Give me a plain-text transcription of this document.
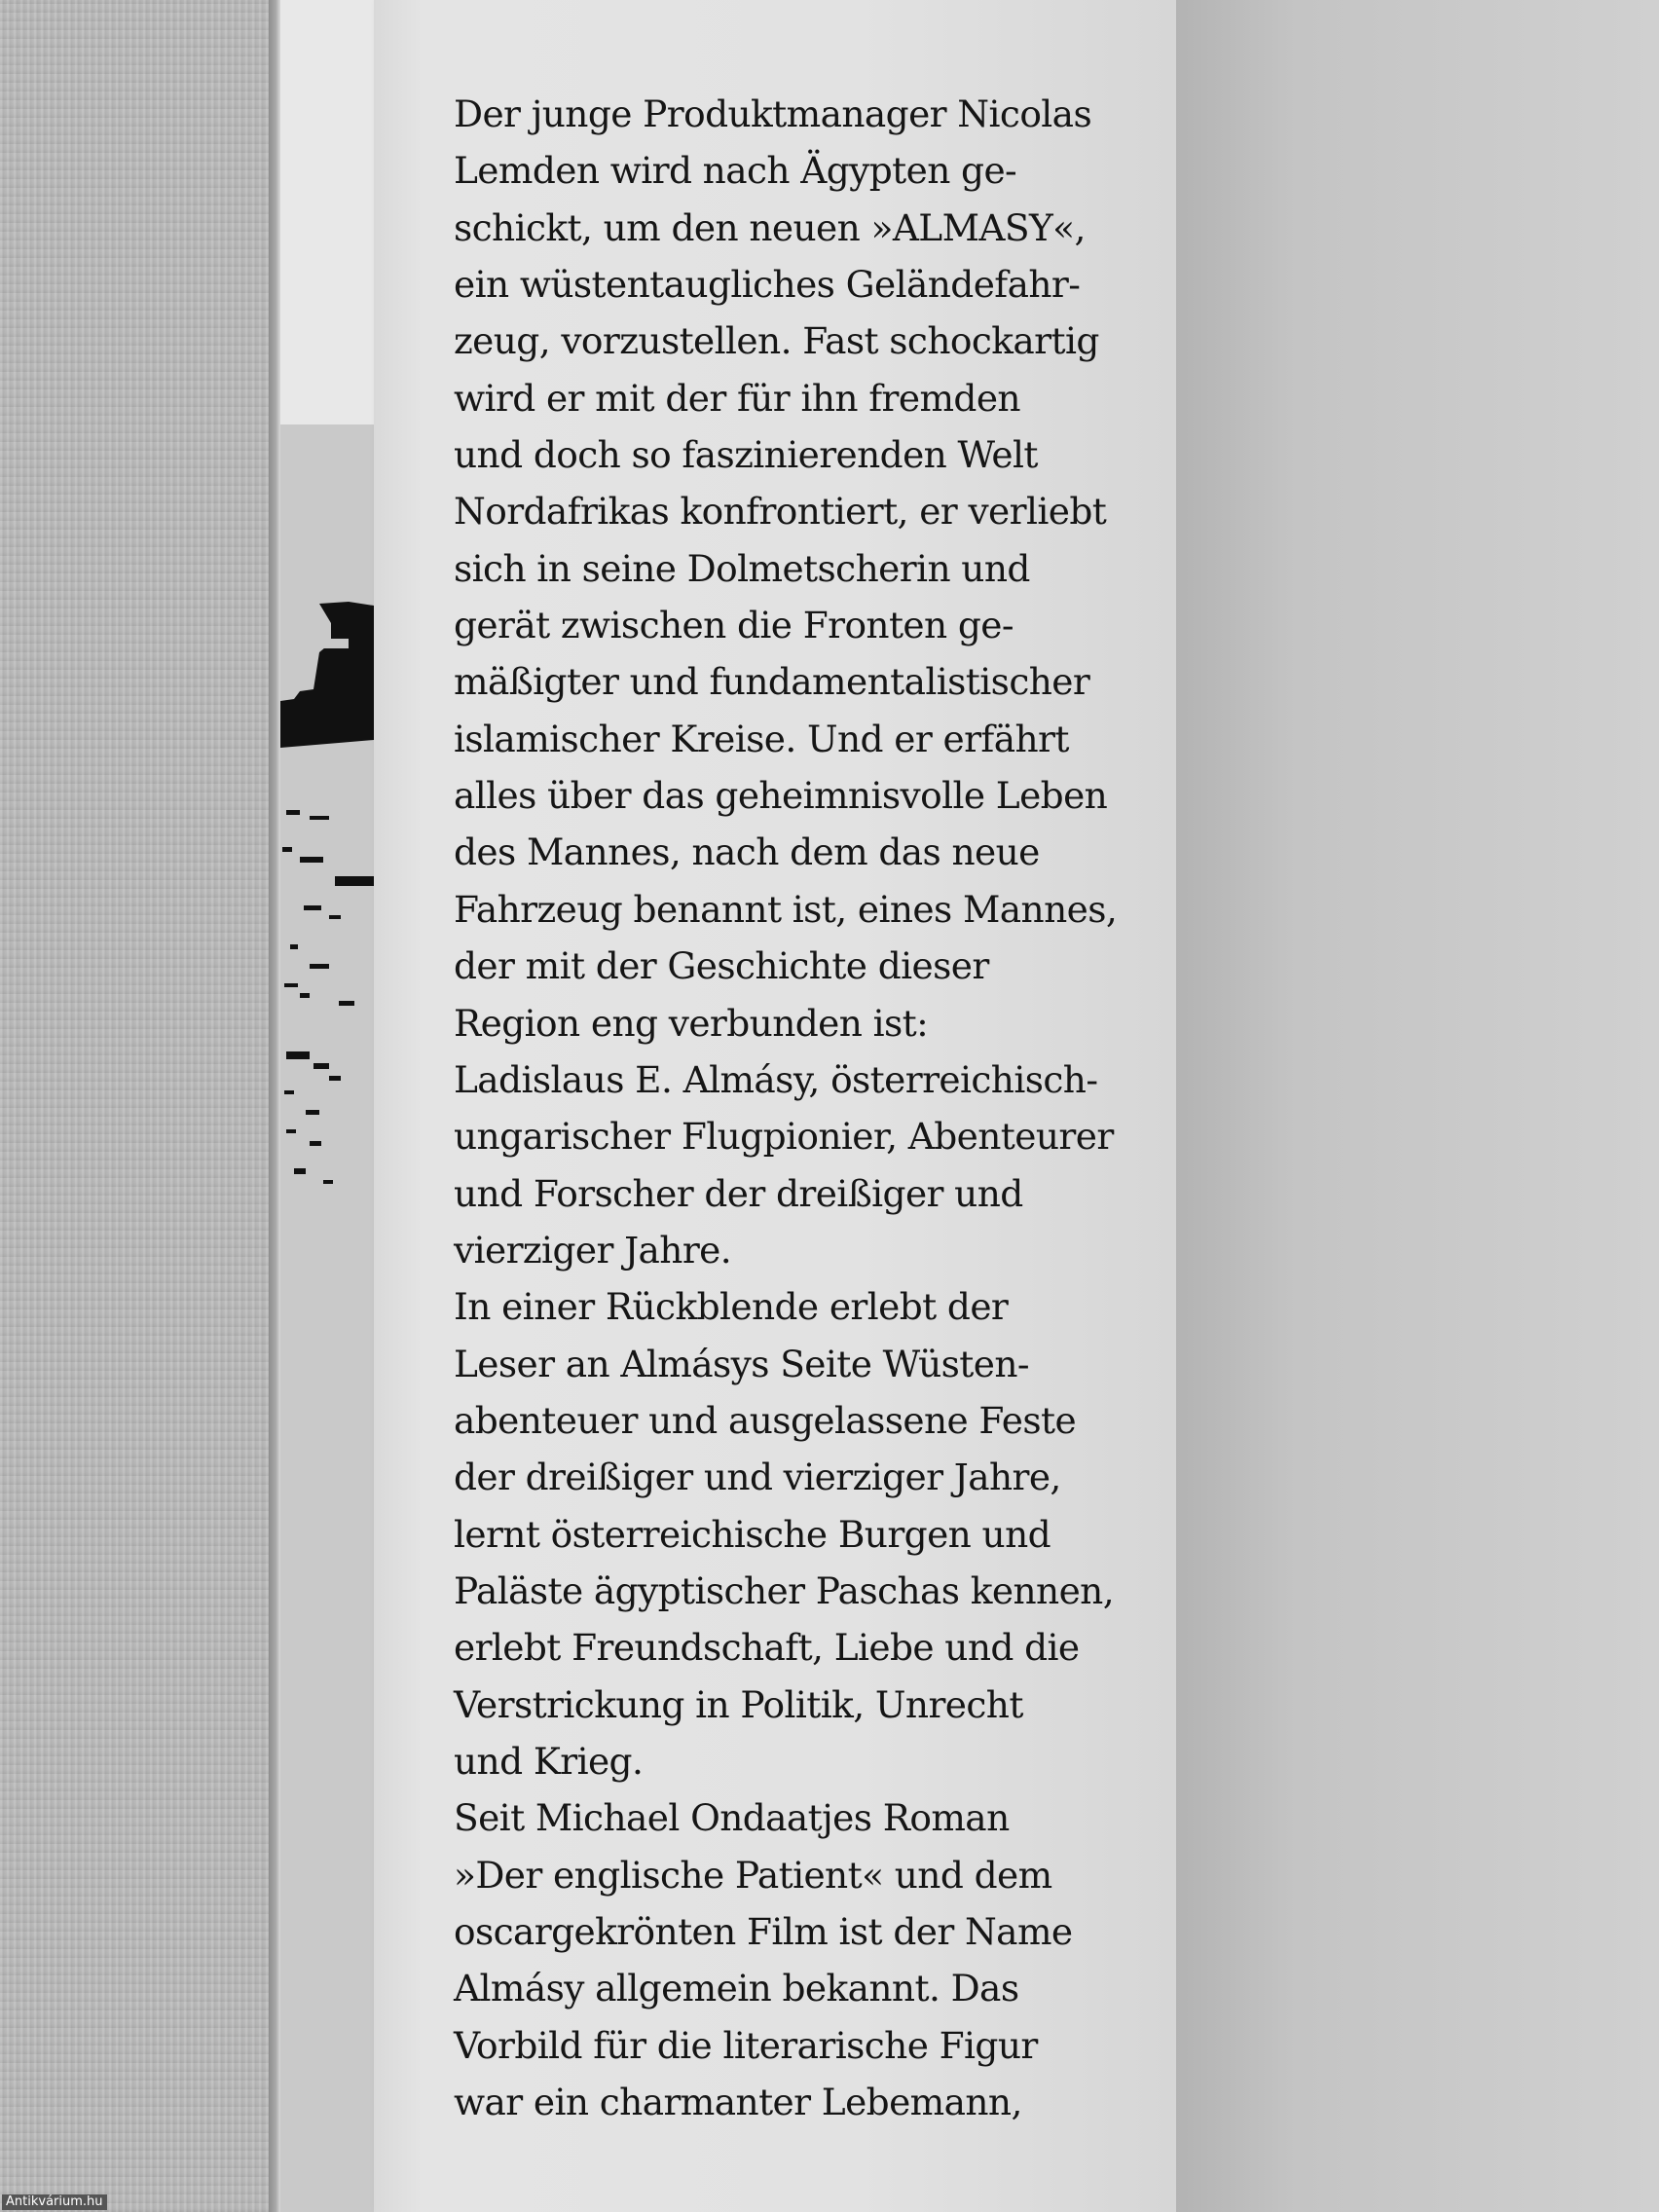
Der junge Produktmanager Nicolas
Lemden wird nach Ägypten ge-
schickt, um den neuen »ALMASY«,
ein wüstentaugliches Geländefahr-
zeug, vorzustellen. Fast schockartig
wird er mit der für ihn fremden
und doch so faszinierenden Welt
Nordafrikas konfrontiert, er verliebt
sich in seine Dolmetscherin und
gerät zwischen die Fronten ge-
mäßigter und fundamentalistischer
islamischer Kreise. Und er erfährt
alles über das geheimnisvolle Leben
des Mannes, nach dem das neue
Fahrzeug benannt ist, eines Mannes,
der mit der Geschichte dieser
Region eng verbunden ist:
Ladislaus E. Almásy, österreichisch-
ungarischer Flugpionier, Abenteurer
und Forscher der dreißiger und
vierziger Jahre.
In einer Rückblende erlebt der
Leser an Almásys Seite Wüsten-
abenteuer und ausgelassene Feste
der dreißiger und vierziger Jahre,
lernt österreichische Burgen und
Paläste ägyptischer Paschas kennen,
erlebt Freundschaft, Liebe und die
Verstrickung in Politik, Unrecht
und Krieg.
Seit Michael Ondaatjes Roman
»Der englische Patient« und dem
oscargekrönten Film ist der Name
Almásy allgemein bekannt. Das
Vorbild für die literarische Figur
war ein charmanter Lebemann,
Antikvárium.hu
